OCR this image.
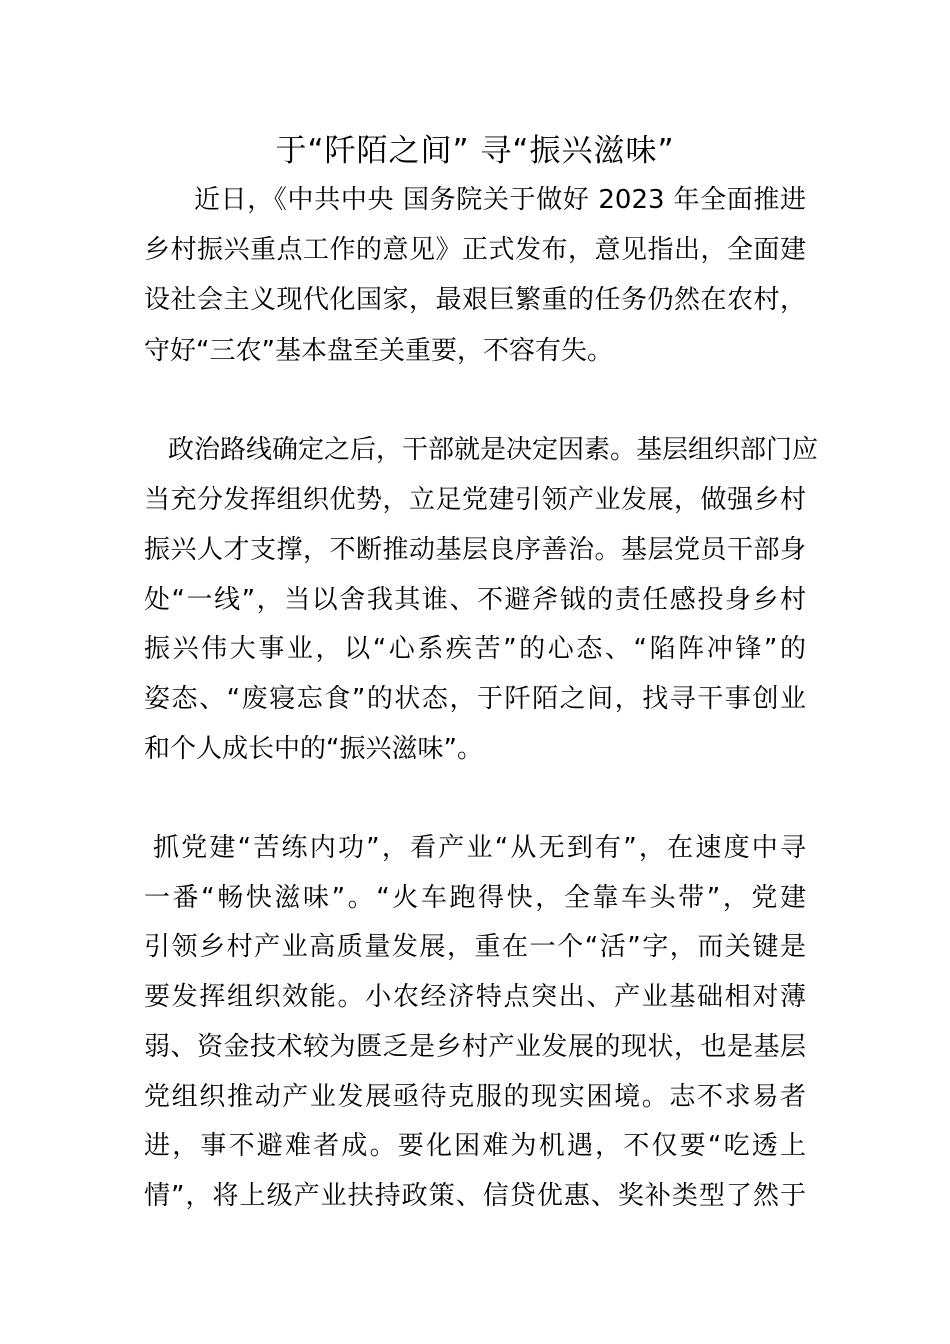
于“阡陌之间” 寻“振兴滋味”
近日，《中共中央 国务院关于做好 2023 年全面推进
乡村振兴重点工作的意见》正式发布，意见指出，全面建
设社会主义现代化国家，最艰巨繁重的任务仍然在农村，
守好“三农”基本盘至关重要，不容有失。
政治路线确定之后，干部就是决定因素。基层组织部门应
当充分发挥组织优势，立足党建引领产业发展，做强乡村
振兴人才支撑，不断推动基层良序善治。基层党员干部身
处“一线”，当以舍我其谁、不避斧钺的责任感投身乡村
振兴伟大事业，以“心系疾苦”的心态、“陷阵冲锋”的
姿态、“废寝忘食”的状态，于阡陌之间，找寻干事创业
和个人成长中的“振兴滋味”。
抓党建“苦练内功”，看产业“从无到有”，在速度中寻
一番“畅快滋味”。“火车跑得快，全靠车头带”，党建
引领乡村产业高质量发展，重在一个“活”字，而关键是
要发挥组织效能。小农经济特点突出、产业基础相对薄
弱、资金技术较为匮乏是乡村产业发展的现状，也是基层
党组织推动产业发展亟待克服的现实困境。志不求易者
进，事不避难者成。要化困难为机遇，不仅要“吃透上
情”，将上级产业扶持政策、信贷优惠、奖补类型了然于
